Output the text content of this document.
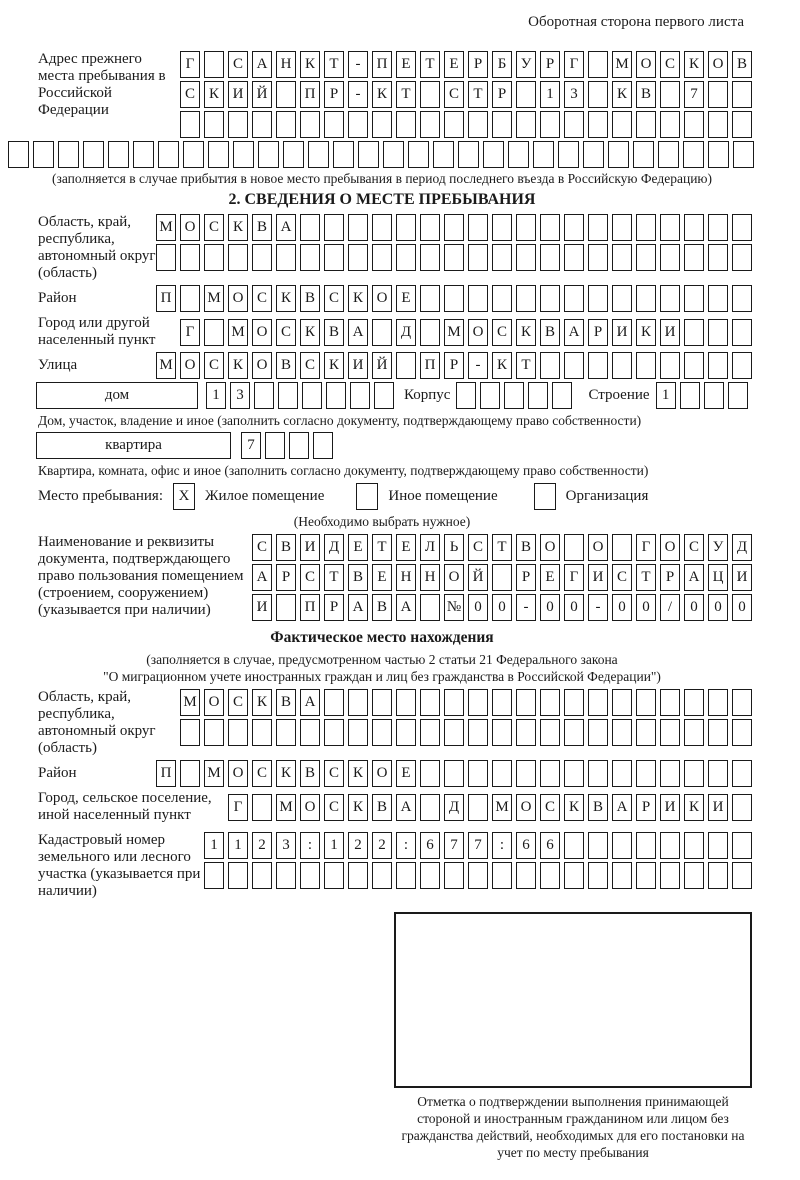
Оборотная сторона первого листа
Адрес прежнего места пребывания в Российской Федерации
Г	С А Н К Т	-	П Е Т Е	Р	Б У Р	Г	М О С К О В
С К И Й	П Р	-	К Т	С Т	Р	1	3	К В	7
(заполняется в случае прибытия в новое место пребывания в период последнего въезда в Российскую Федерацию)
2. СВЕДЕНИЯ О МЕСТЕ ПРЕБЫВАНИЯ
Область, край, республика, автономный округ (область)
М О С К В А
Район	П	М О С К В С К О Е
Город или другой населенный пункт
Г	М О С К В А	Д	М О С К В А Р И К И
Улица	М О С К О В С К И Й	П Р	-	К Т
дом	1	3	Корпус	Строение 1
Дом, участок, владение и иное (заполнить согласно документу, подтверждающему право собственности)
квартира	7
Квартира, комната, офис и иное (заполнить согласно документу, подтверждающему право собственности)
Место пребывания: X Жилое помещение	Иное помещение	Организация
(Необходимо выбрать нужное)
Наименование и реквизиты документа, подтверждающего право пользования помещением (строением, сооружением) (указывается при наличии)
С В И Д Е Т Е Л Ь С Т В О	О	Г О С У Д
А Р С Т В Е Н Н О Й	Р	Е	Г И С Т	Р А Ц И
И	П Р А В А	№ 0	0	-	0	0	-	0	0	/	0	0	0
Фактическое место нахождения
(заполняется в случае, предусмотренном частью 2 статьи 21 Федерального закона
"О миграционном учете иностранных граждан и лиц без гражданства в Российской Федерации")
Область, край, республика, автономный округ (область)
М О С К В А
Район	П	М О С К В С К О Е
Город, сельское поселение, иной населенный пункт
Г	М О С К В А	Д	М О С К В А Р И К И
Кадастровый номер земельного или лесного участка (указывается при наличии)
1	1	2	3	:	1	2	2	:	6	7	7	:	6	6
Отметка о подтверждении выполнения принимающей стороной и иностранным гражданином или лицом без гражданства действий, необходимых для его постановки на учет по месту пребывания
